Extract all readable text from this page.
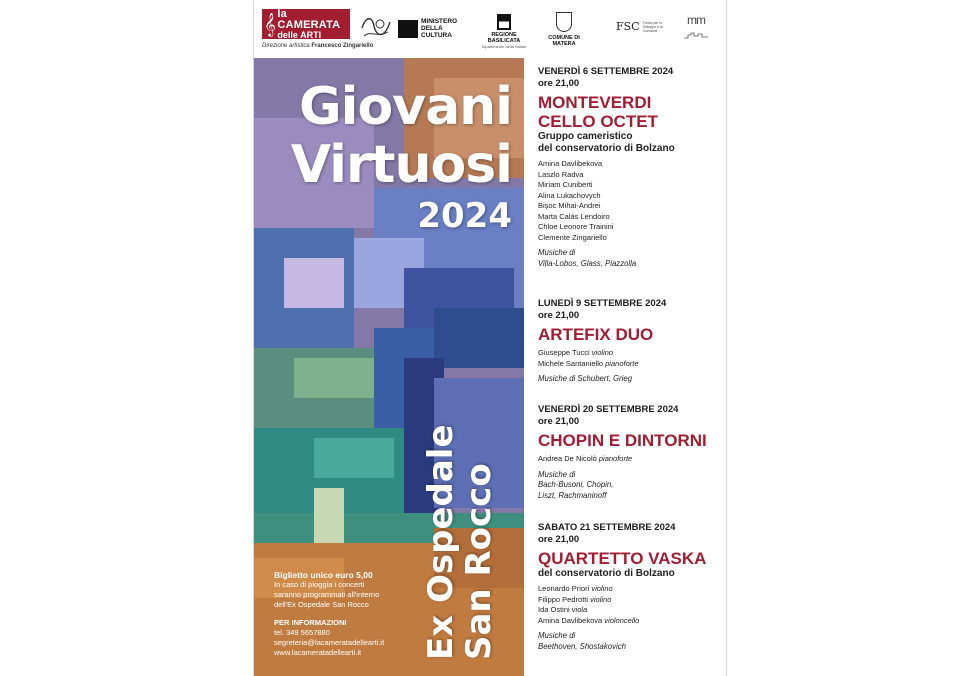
𝄞 la CAMERATA
delle ARTI
Direzione artistica Francesco Zingariello
MINISTERO
DELLA
CULTURA	REGIONE BASILICATA
Dipartimento della Salute
COMUNE DI MATERA
FSC Fondo per lo Sviluppo e la Coesione
mm
Giovani
Virtuosi
2024
Ex Ospedale
San Rocco
Biglietto unico euro 5,00
In caso di pioggia i concerti
saranno programmati all'interno
dell'Ex Ospedale San Rocco
PER INFORMAZIONI
tel. 349 5657880
segreteria@lacameratadellearti.it
www.lacameratadellearti.it
VENERDÌ 6 SETTEMBRE 2024
ore 21,00
MONTEVERDI
CELLO OCTET
Gruppo cameristico
del conservatorio di Bolzano
Amina Davlibekova
Laszlo Radva
Miriam Cuniberti
Alina Lukachovych
Bișoc Mihai-Andrei
Marta Calás Lendoiro
Chloe Leonore Trainini
Clemente Zingariello
Musiche di
Villa-Lobos, Glass, Piazzolla
LUNEDÌ 9 SETTEMBRE 2024
ore 21,00
ARTEFIX DUO
Giuseppe Tucci violino
Michele Santaniello pianoforte
Musiche di Schubert, Grieg
VENERDÌ 20 SETTEMBRE 2024
ore 21,00
CHOPIN E DINTORNI
Andrea De Nicolò pianoforte
Musiche di
Bach-Busoni, Chopin,
Liszt, Rachmaninoff
SABATO 21 SETTEMBRE 2024
ore 21,00
QUARTETTO VASKA
del conservatorio di Bolzano
Leonardo Priori violino
Filippo Pedrotti violino
Ida Ostini viola
Amina Davlibekova violoncello
Musiche di
Beethoven, Shostakovich
